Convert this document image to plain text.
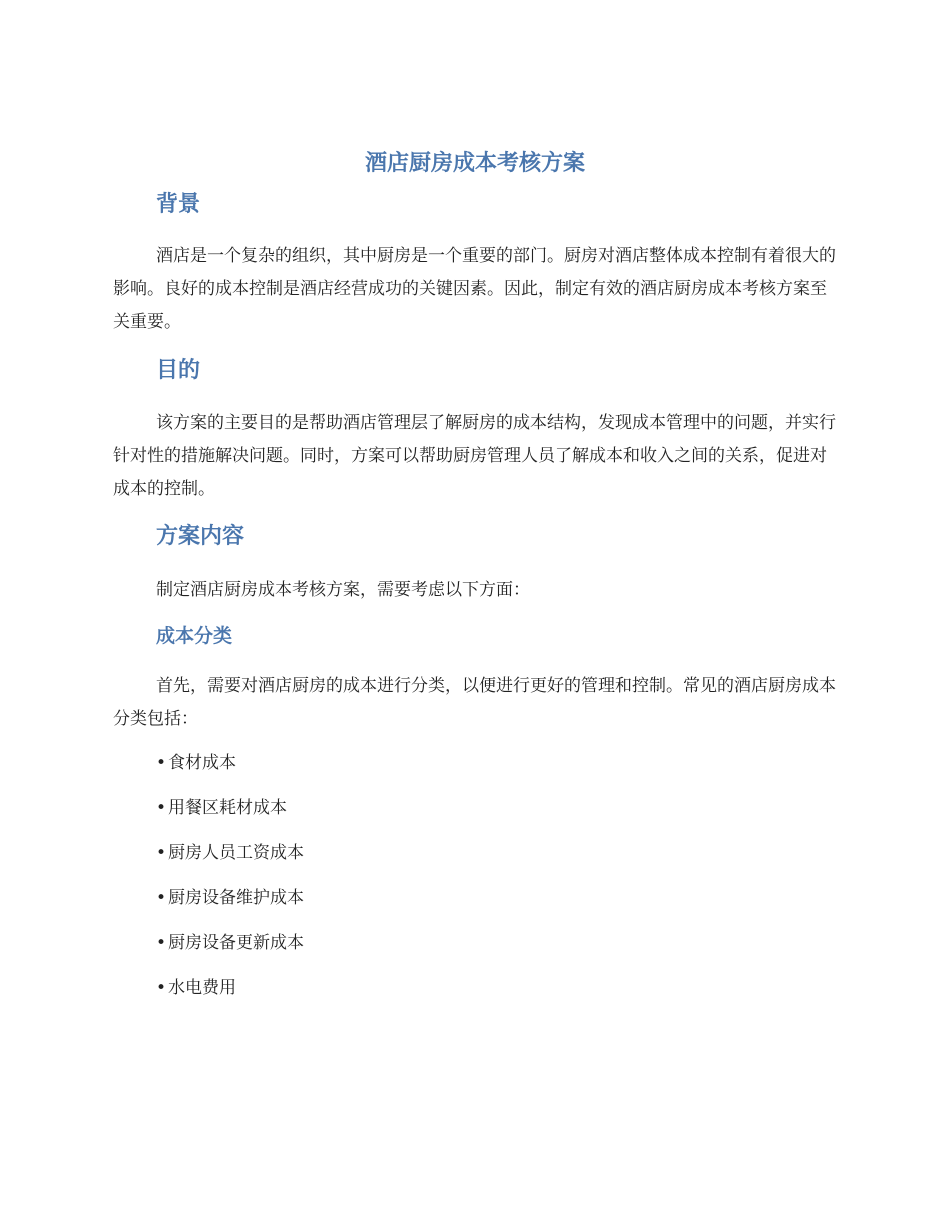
酒店厨房成本考核方案
背景

酒店是一个复杂的组织，其中厨房是一个重要的部门。厨房对酒店整体成本控制有着很大的影响。良好的成本控制是酒店经营成功的关键因素。因此，制定有效的酒店厨房成本考核方案至关重要。

目的

该方案的主要目的是帮助酒店管理层了解厨房的成本结构，发现成本管理中的问题，并实行针对性的措施解决问题。同时，方案可以帮助厨房管理人员了解成本和收入之间的关系，促进对成本的控制。

方案内容

制定酒店厨房成本考核方案，需要考虑以下方面：

成本分类

首先，需要对酒店厨房的成本进行分类，以便进行更好的管理和控制。常见的酒店厨房成本分类包括：

• 食材成本
• 用餐区耗材成本
• 厨房人员工资成本
• 厨房设备维护成本
• 厨房设备更新成本
• 水电费用
